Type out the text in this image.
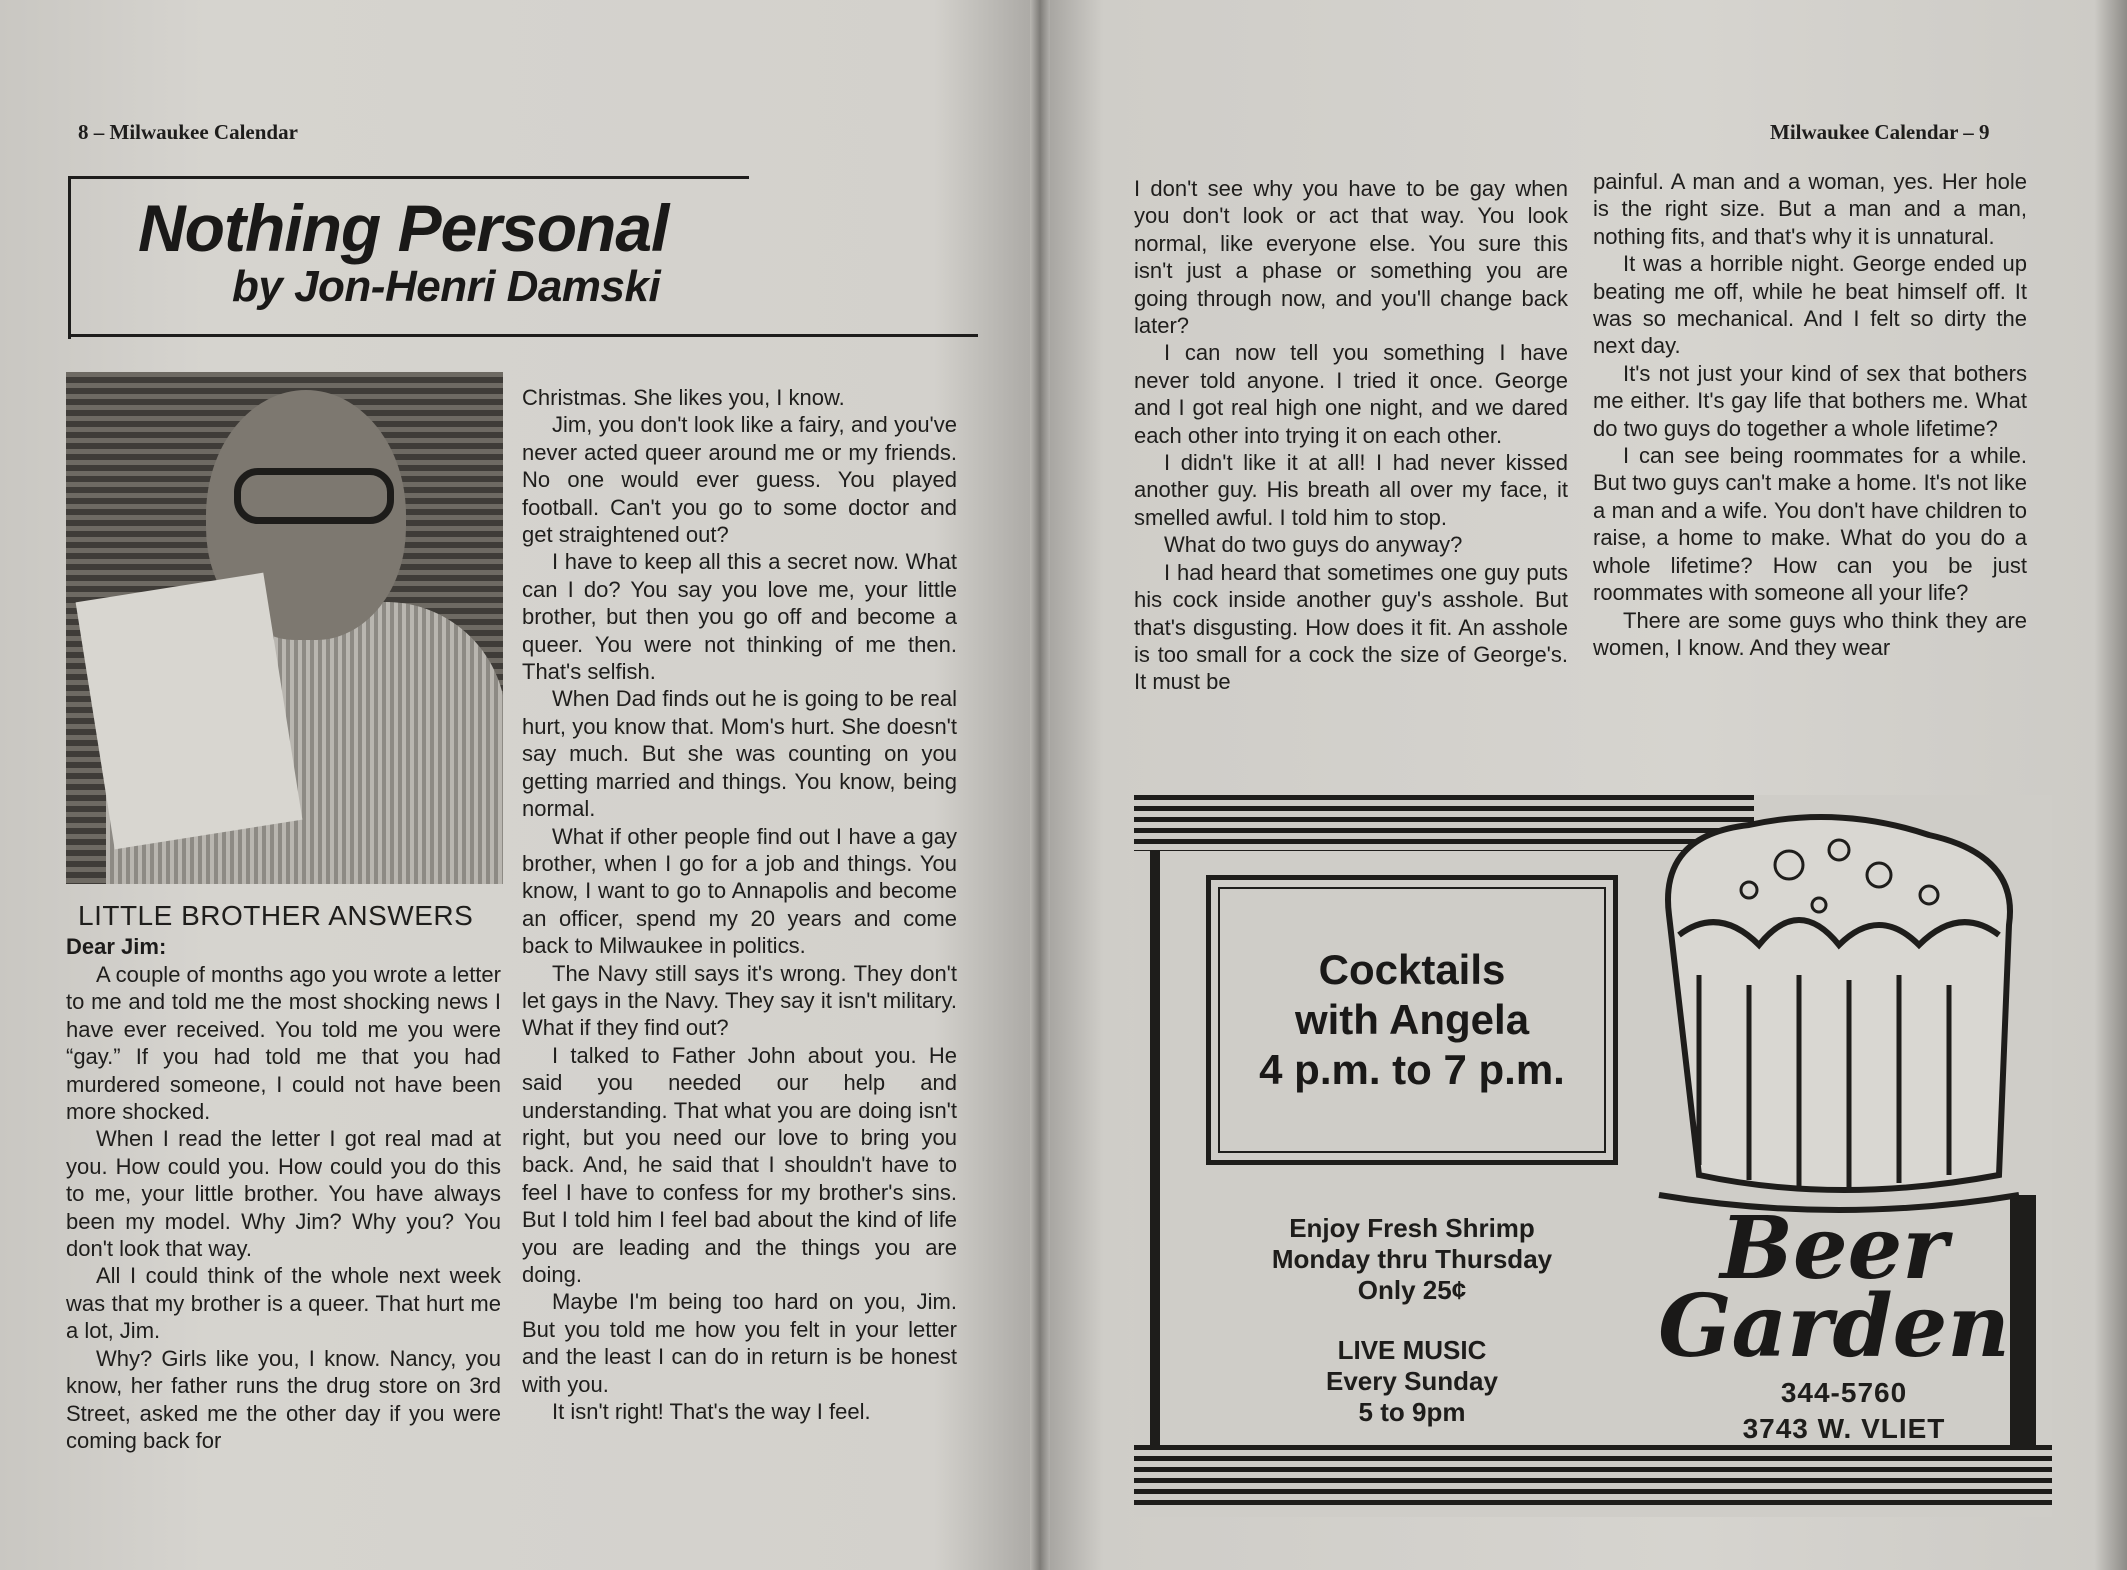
8 – Milwaukee Calendar
Nothing Personal
by Jon-Henri Damski
LITTLE BROTHER ANSWERS
Dear Jim:

A couple of months ago you wrote a letter to me and told me the most shocking news I have ever received. You told me you were “gay.” If you had told me that you had murdered someone, I could not have been more shocked.

When I read the letter I got real mad at you. How could you. How could you do this to me, your little brother. You have always been my model. Why Jim? Why you? You don't look that way.

All I could think of the whole next week was that my brother is a queer. That hurt me a lot, Jim.

Why? Girls like you, I know. Nancy, you know, her father runs the drug store on 3rd Street, asked me the other day if you were coming back for

Christmas. She likes you, I know.

Jim, you don't look like a fairy, and you've never acted queer around me or my friends. No one would ever guess. You played football. Can't you go to some doctor and get straightened out?

I have to keep all this a secret now. What can I do? You say you love me, your little brother, but then you go off and become a queer. You were not thinking of me then. That's selfish.

When Dad finds out he is going to be real hurt, you know that. Mom's hurt. She doesn't say much. But she was counting on you getting married and things. You know, being normal.

What if other people find out I have a gay brother, when I go for a job and things. You know, I want to go to Annapolis and become an officer, spend my 20 years and come back to Milwaukee in politics.

The Navy still says it's wrong. They don't let gays in the Navy. They say it isn't military. What if they find out?

I talked to Father John about you. He said you needed our help and understanding. That what you are doing isn't right, but you need our love to bring you back. And, he said that I shouldn't have to feel I have to confess for my brother's sins. But I told him I feel bad about the kind of life you are leading and the things you are doing.

Maybe I'm being too hard on you, Jim. But you told me how you felt in your letter and the least I can do in return is be honest with you.

It isn't right! That's the way I feel.

Milwaukee Calendar – 9

I don't see why you have to be gay when you don't look or act that way. You look normal, like everyone else. You sure this isn't just a phase or something you are going through now, and you'll change back later?

I can now tell you something I have never told anyone. I tried it once. George and I got real high one night, and we dared each other into trying it on each other.

I didn't like it at all! I had never kissed another guy. His breath all over my face, it smelled awful. I told him to stop.

What do two guys do anyway?

I had heard that sometimes one guy puts his cock inside another guy's asshole. But that's disgusting. How does it fit. An asshole is too small for a cock the size of George's. It must be

painful. A man and a woman, yes. Her hole is the right size. But a man and a man, nothing fits, and that's why it is unnatural.

It was a horrible night. George ended up beating me off, while he beat himself off. It was so mechanical. And I felt so dirty the next day.

It's not just your kind of sex that bothers me either. It's gay life that bothers me. What do two guys do together a whole lifetime?

I can see being roommates for a while. But two guys can't make a home. It's not like a man and a wife. You don't have children to raise, a home to make. What do you do a whole lifetime? How can you be just roommates with someone all your life?

There are some guys who think they are women, I know. And they wear

Cocktails
with Angela
4 p.m. to 7 p.m.
Enjoy Fresh Shrimp
Monday thru Thursday
Only 25¢
LIVE MUSIC
Every Sunday
5 to 9pm
Beer
Garden
344-5760
3743 W. VLIET
